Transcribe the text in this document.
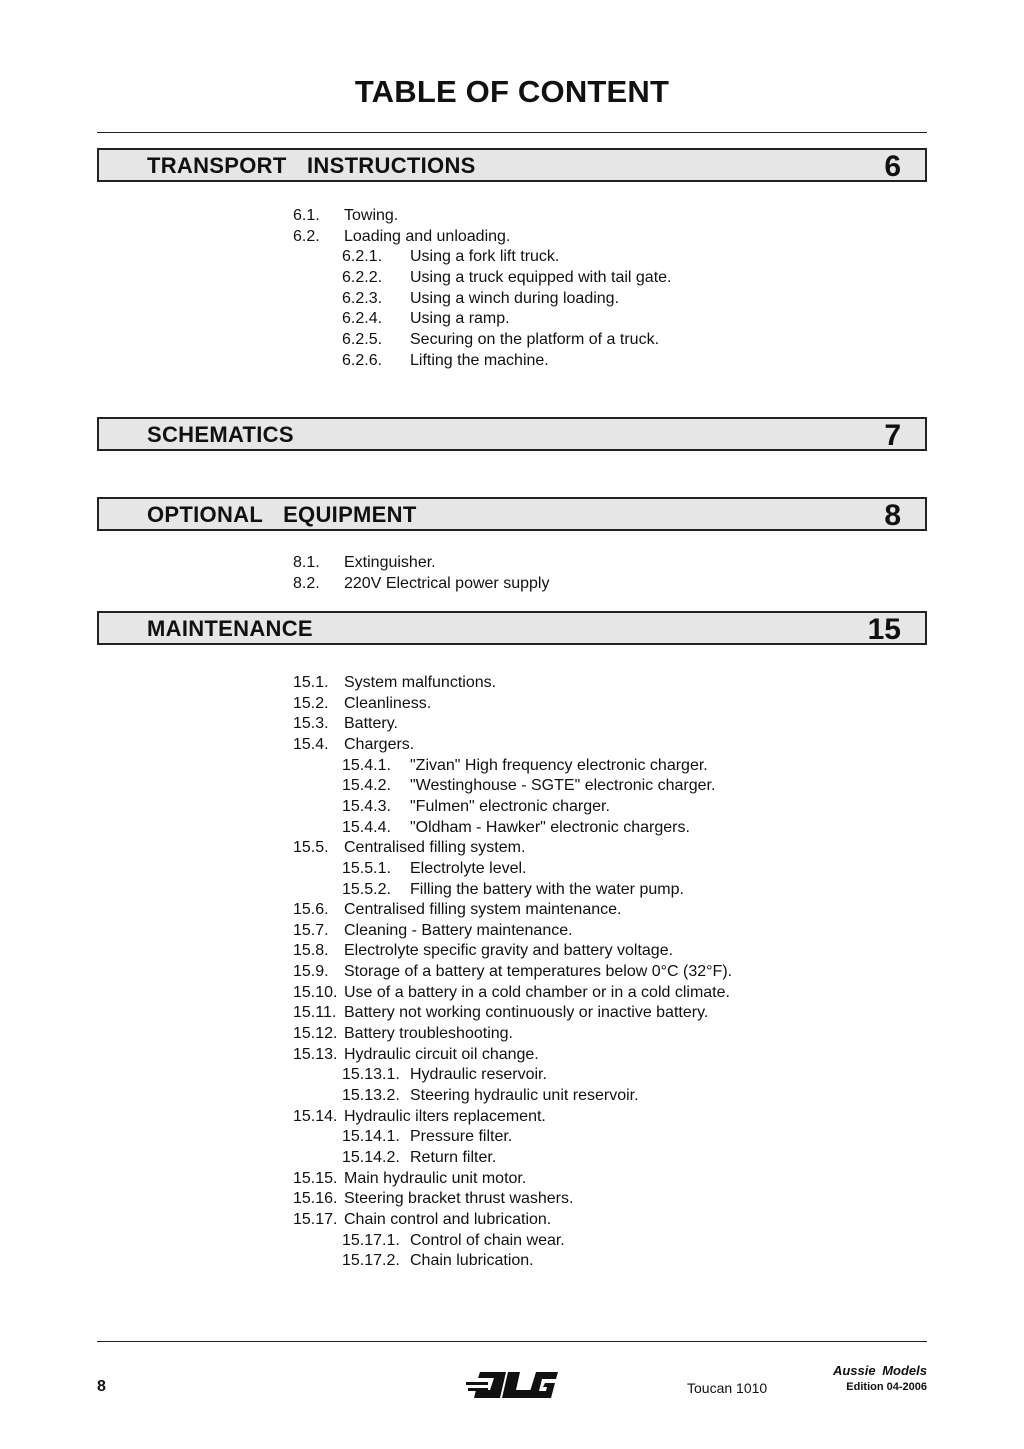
TABLE OF CONTENT
TRANSPORT INSTRUCTIONS	6
6.1. Towing.
6.2. Loading and unloading.
6.2.1. Using a fork lift truck.
6.2.2. Using a truck equipped with tail gate.
6.2.3. Using a winch during loading.
6.2.4. Using a ramp.
6.2.5. Securing on the platform of a truck.
6.2.6. Lifting the machine.
SCHEMATICS	7
OPTIONAL EQUIPMENT	8
8.1. Extinguisher.
8.2. 220V Electrical power supply
MAINTENANCE	15
15.1. System malfunctions.
15.2. Cleanliness.
15.3. Battery.
15.4. Chargers.
15.4.1. "Zivan" High frequency electronic charger.
15.4.2. "Westinghouse - SGTE" electronic charger.
15.4.3. "Fulmen" electronic charger.
15.4.4. "Oldham - Hawker" electronic chargers.
15.5. Centralised filling system.
15.5.1. Electrolyte level.
15.5.2. Filling the battery with the water pump.
15.6. Centralised filling system maintenance.
15.7. Cleaning - Battery maintenance.
15.8. Electrolyte specific gravity and battery voltage.
15.9. Storage of a battery at temperatures below 0°C (32°F).
15.10. Use of a battery in a cold chamber or in a cold climate.
15.11. Battery not working continuously or inactive battery.
15.12. Battery troubleshooting.
15.13. Hydraulic circuit oil change.
15.13.1. Hydraulic reservoir.
15.13.2. Steering hydraulic unit reservoir.
15.14. Hydraulic ilters replacement.
15.14.1. Pressure filter.
15.14.2. Return filter.
15.15. Main hydraulic unit motor.
15.16. Steering bracket thrust washers.
15.17. Chain control and lubrication.
15.17.1. Control of chain wear.
15.17.2. Chain lubrication.
8	Toucan 1010
Aussie Models
Edition 04-2006
